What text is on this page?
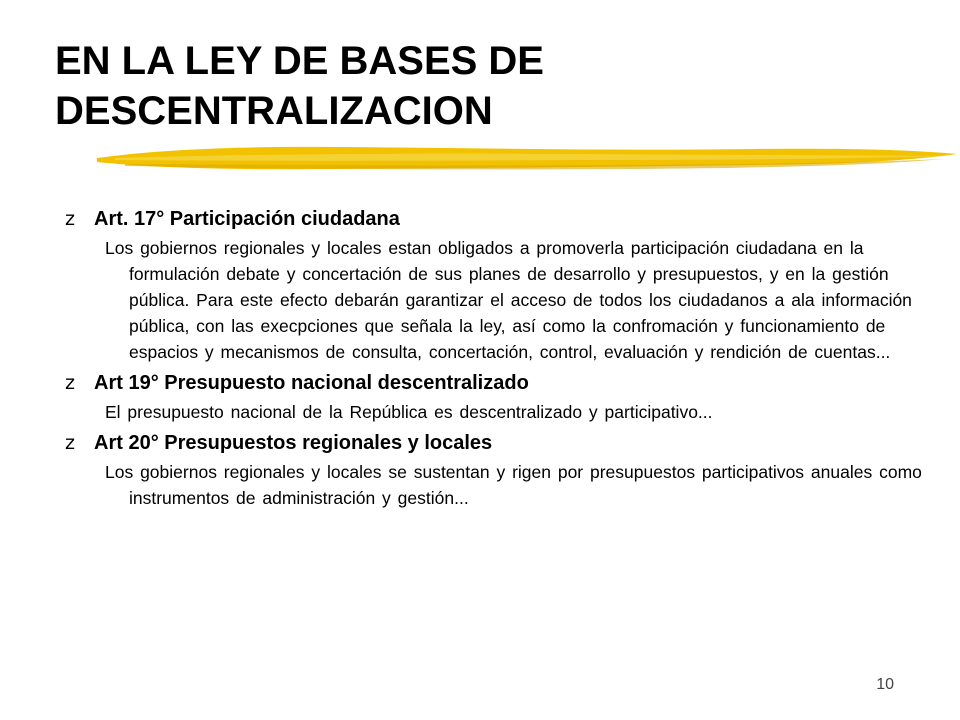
EN LA LEY DE BASES DE
DESCENTRALIZACION
z Art. 17° Participación ciudadana

Los gobiernos regionales y locales estan obligados a promoverla participación ciudadana en la formulación debate y concertación de sus planes de desarrollo y presupuestos, y en la gestión pública. Para este efecto debarán garantizar el acceso de todos los ciudadanos a ala información pública, con las execpciones que señala la ley, así como la confromación y funcionamiento de espacios y mecanismos de consulta, concertación, control, evaluación y rendición de cuentas...

z Art 19° Presupuesto nacional descentralizado

El presupuesto nacional de la República es descentralizado y participativo...

z Art 20° Presupuestos regionales y locales

Los gobiernos regionales y locales se sustentan y rigen por presupuestos participativos anuales como instrumentos de administración y gestión...

10
